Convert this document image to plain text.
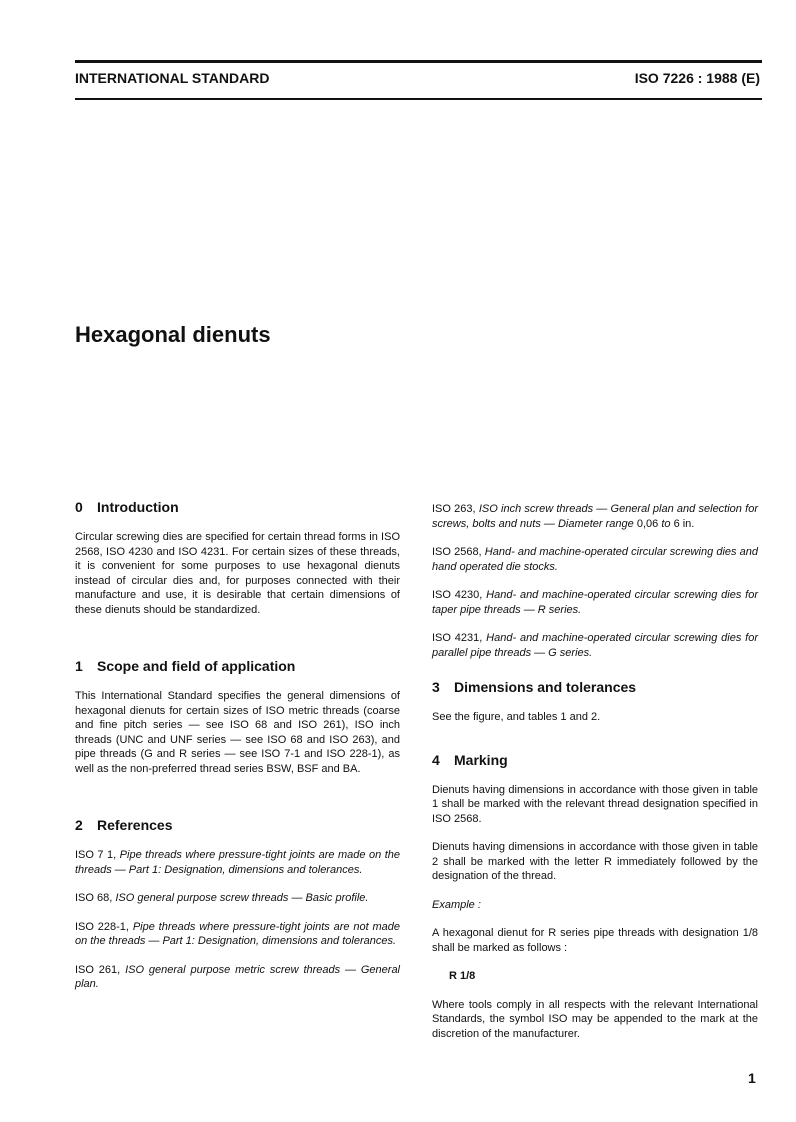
INTERNATIONAL STANDARD	ISO 7226 : 1988 (E)
Hexagonal dienuts
0 Introduction

Circular screwing dies are specified for certain thread forms in ISO 2568, ISO 4230 and ISO 4231. For certain sizes of these threads, it is convenient for some purposes to use hexagonal dienuts instead of circular dies and, for purposes connected with their manufacture and use, it is desirable that certain dimensions of these dienuts should be standardized.

1 Scope and field of application

This International Standard specifies the general dimensions of hexagonal dienuts for certain sizes of ISO metric threads (coarse and fine pitch series — see ISO 68 and ISO 261), ISO inch threads (UNC and UNF series — see ISO 68 and ISO 263), and pipe threads (G and R series — see ISO 7-1 and ISO 228-1), as well as the non-preferred thread series BSW, BSF and BA.

2 References

ISO 7 1, Pipe threads where pressure-tight joints are made on the threads — Part 1: Designation, dimensions and tolerances.

ISO 68, ISO general purpose screw threads — Basic profile.

ISO 228-1, Pipe threads where pressure-tight joints are not made on the threads — Part 1: Designation, dimensions and tolerances.

ISO 261, ISO general purpose metric screw threads — General plan.

ISO 263, ISO inch screw threads — General plan and selection for screws, bolts and nuts — Diameter range 0,06 to 6 in.

ISO 2568, Hand- and machine-operated circular screwing dies and hand operated die stocks.

ISO 4230, Hand- and machine-operated circular screwing dies for taper pipe threads — R series.

ISO 4231, Hand- and machine-operated circular screwing dies for parallel pipe threads — G series.

3 Dimensions and tolerances

See the figure, and tables 1 and 2.

4 Marking

Dienuts having dimensions in accordance with those given in table 1 shall be marked with the relevant thread designation specified in ISO 2568.

Dienuts having dimensions in accordance with those given in table 2 shall be marked with the letter R immediately followed by the designation of the thread.

Example :

A hexagonal dienut for R series pipe threads with designation 1/8 shall be marked as follows :

R 1/8

Where tools comply in all respects with the relevant International Standards, the symbol ISO may be appended to the mark at the discretion of the manufacturer.

1
